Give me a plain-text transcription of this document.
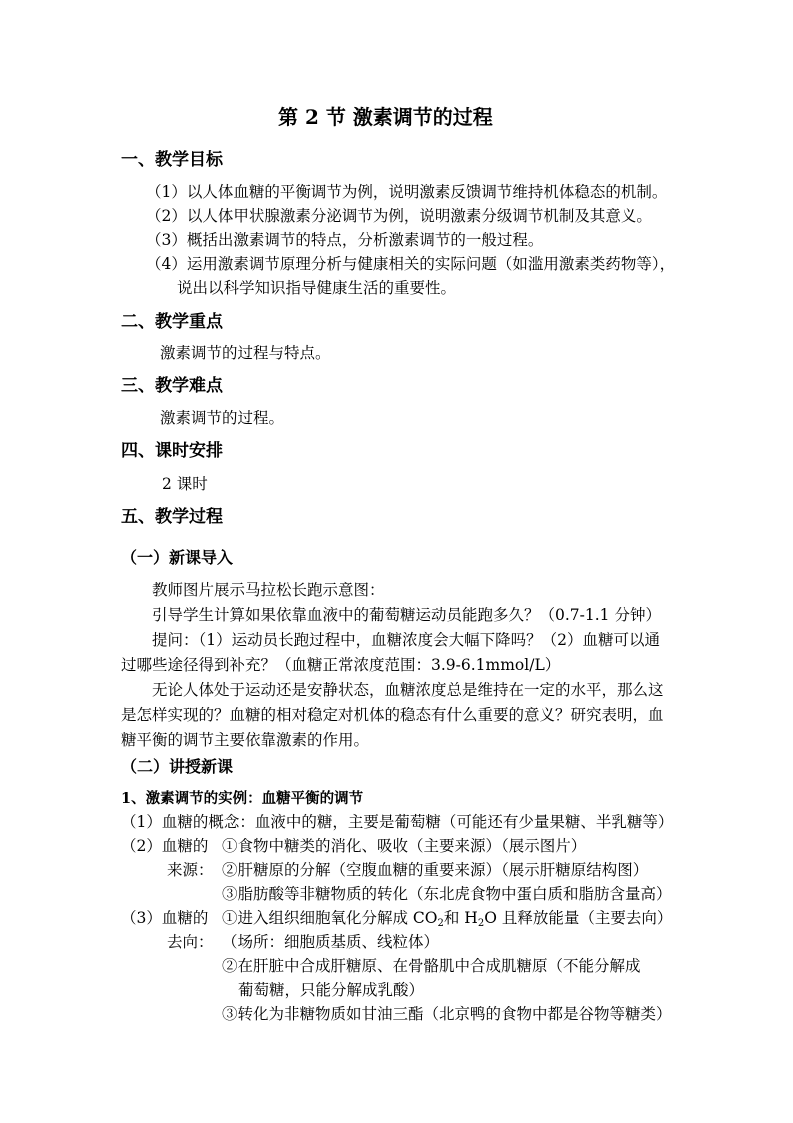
第 2 节 激素调节的过程
一、教学目标
（1）以人体血糖的平衡调节为例，说明激素反馈调节维持机体稳态的机制。
（2）以人体甲状腺激素分泌调节为例，说明激素分级调节机制及其意义。
（3）概括出激素调节的特点，分析激素调节的一般过程。
（4）运用激素调节原理分析与健康相关的实际问题（如滥用激素类药物等），
说出以科学知识指导健康生活的重要性。
二、教学重点
激素调节的过程与特点。
三、教学难点
激素调节的过程。
四、课时安排
2 课时
五、教学过程
（一）新课导入
教师图片展示马拉松长跑示意图：
引导学生计算如果依靠血液中的葡萄糖运动员能跑多久？（0.7-1.1 分钟）
提问：（1）运动员长跑过程中，血糖浓度会大幅下降吗？（2）血糖可以通
过哪些途径得到补充？（血糖正常浓度范围：3.9-6.1mmol/L）
无论人体处于运动还是安静状态，血糖浓度总是维持在一定的水平，那么这
是怎样实现的？血糖的相对稳定对机体的稳态有什么重要的意义？研究表明，血
糖平衡的调节主要依靠激素的作用。
（二）讲授新课
1、激素调节的实例：血糖平衡的调节
（1）血糖的概念：血液中的糖，主要是葡萄糖（可能还有少量果糖、半乳糖等）
（2）血糖的
来源：
①食物中糖类的消化、吸收（主要来源）（展示图片）
②肝糖原的分解（空腹血糖的重要来源）（展示肝糖原结构图）
③脂肪酸等非糖物质的转化（东北虎食物中蛋白质和脂肪含量高）
（3）血糖的
去向：
①进入组织细胞氧化分解成 CO2和 H2O 且释放能量（主要去向）
（场所：细胞质基质、线粒体）
②在肝脏中合成肝糖原、在骨骼肌中合成肌糖原（不能分解成
葡萄糖，只能分解成乳酸）
③转化为非糖物质如甘油三酯（北京鸭的食物中都是谷物等糖类）
